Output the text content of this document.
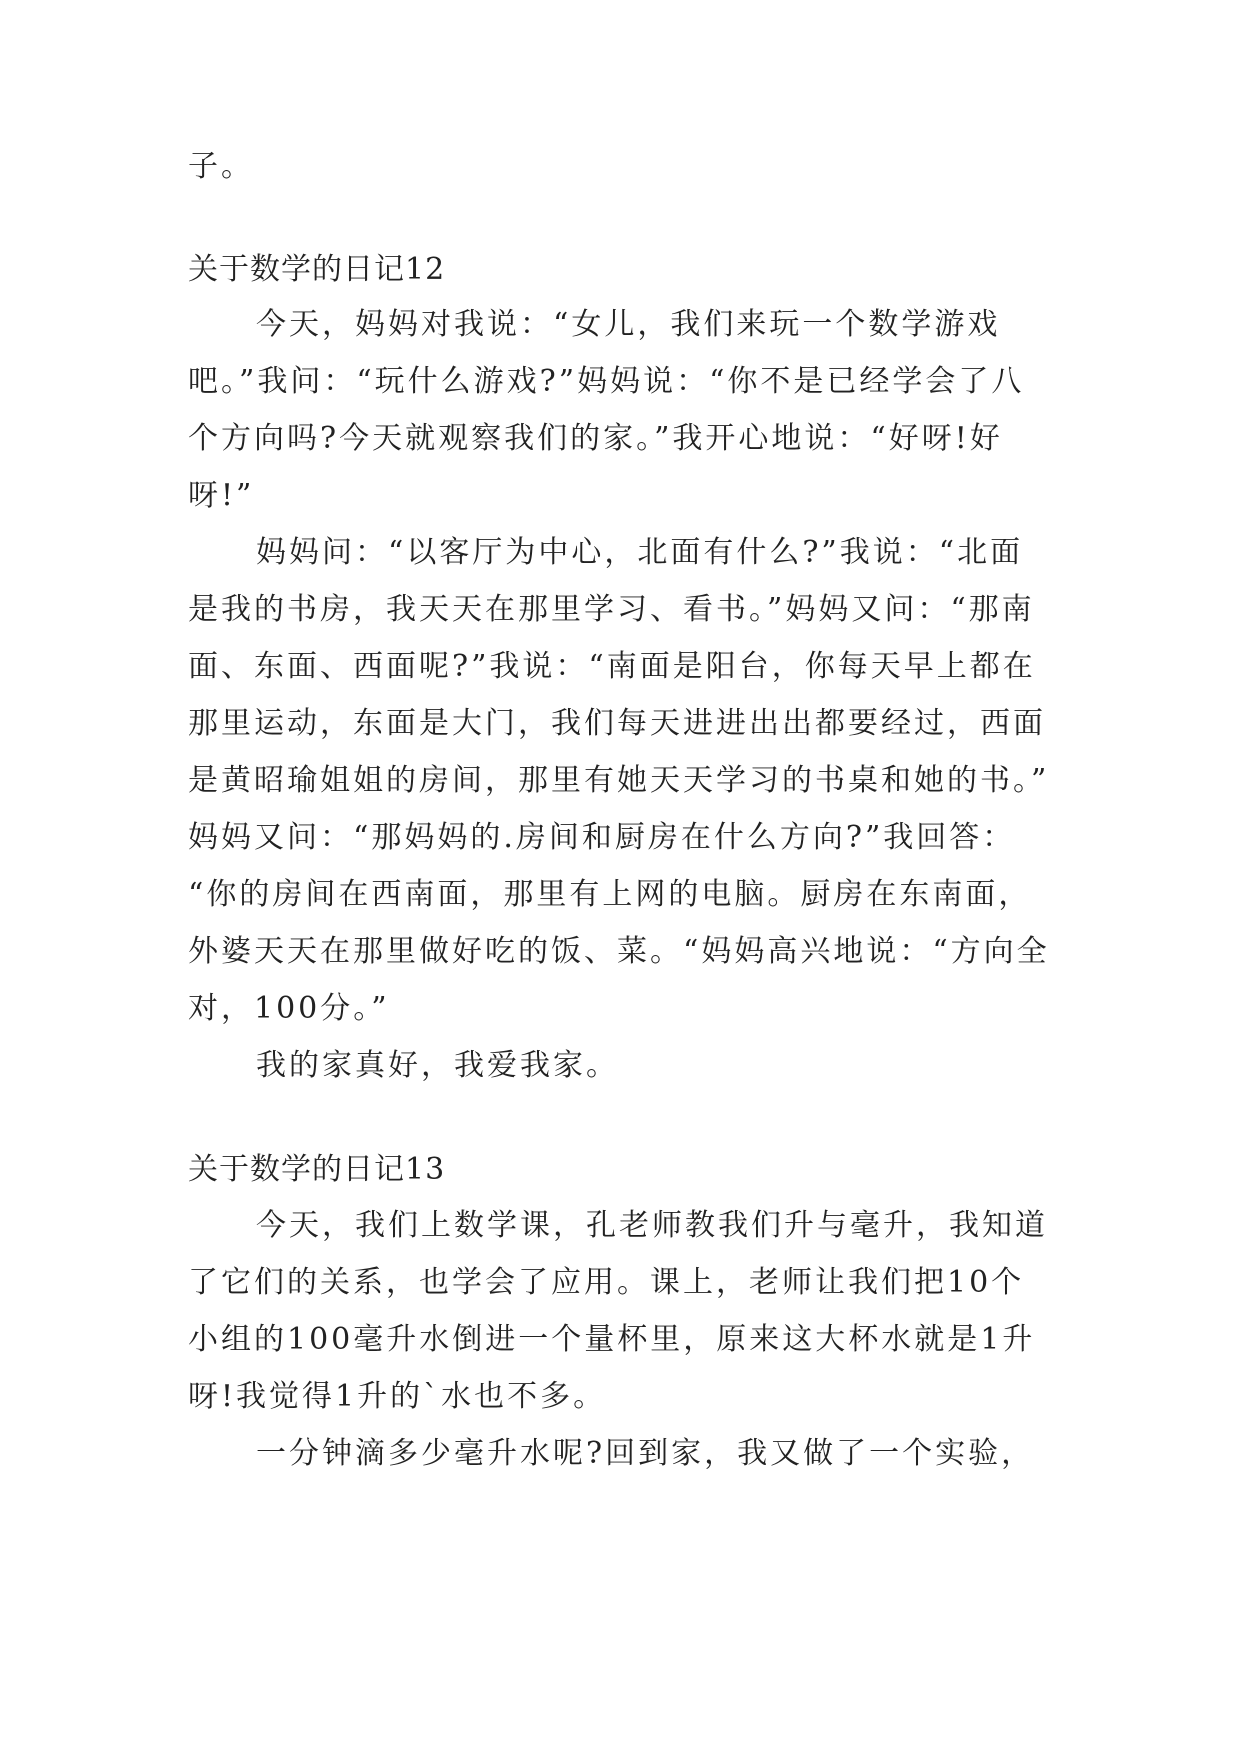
子。
关于数学的日记12
今天，妈妈对我说：“女儿，我们来玩一个数学游戏
吧。”我问：“玩什么游戏?”妈妈说：“你不是已经学会了八
个方向吗?今天就观察我们的家。”我开心地说：“好呀!好
呀!”
妈妈问：“以客厅为中心，北面有什么?”我说：“北面
是我的书房，我天天在那里学习、看书。”妈妈又问：“那南
面、东面、西面呢?”我说：“南面是阳台，你每天早上都在
那里运动，东面是大门，我们每天进进出出都要经过，西面
是黄昭瑜姐姐的房间，那里有她天天学习的书桌和她的书。”
妈妈又问：“那妈妈的.房间和厨房在什么方向?”我回答：
“你的房间在西南面，那里有上网的电脑。厨房在东南面，
外婆天天在那里做好吃的饭、菜。“妈妈高兴地说：“方向全
对，100分。”
我的家真好，我爱我家。
关于数学的日记13
今天，我们上数学课，孔老师教我们升与毫升，我知道
了它们的关系，也学会了应用。课上，老师让我们把10个
小组的100毫升水倒进一个量杯里，原来这大杯水就是1升
呀!我觉得1升的`水也不多。
一分钟滴多少毫升水呢?回到家，我又做了一个实验，
